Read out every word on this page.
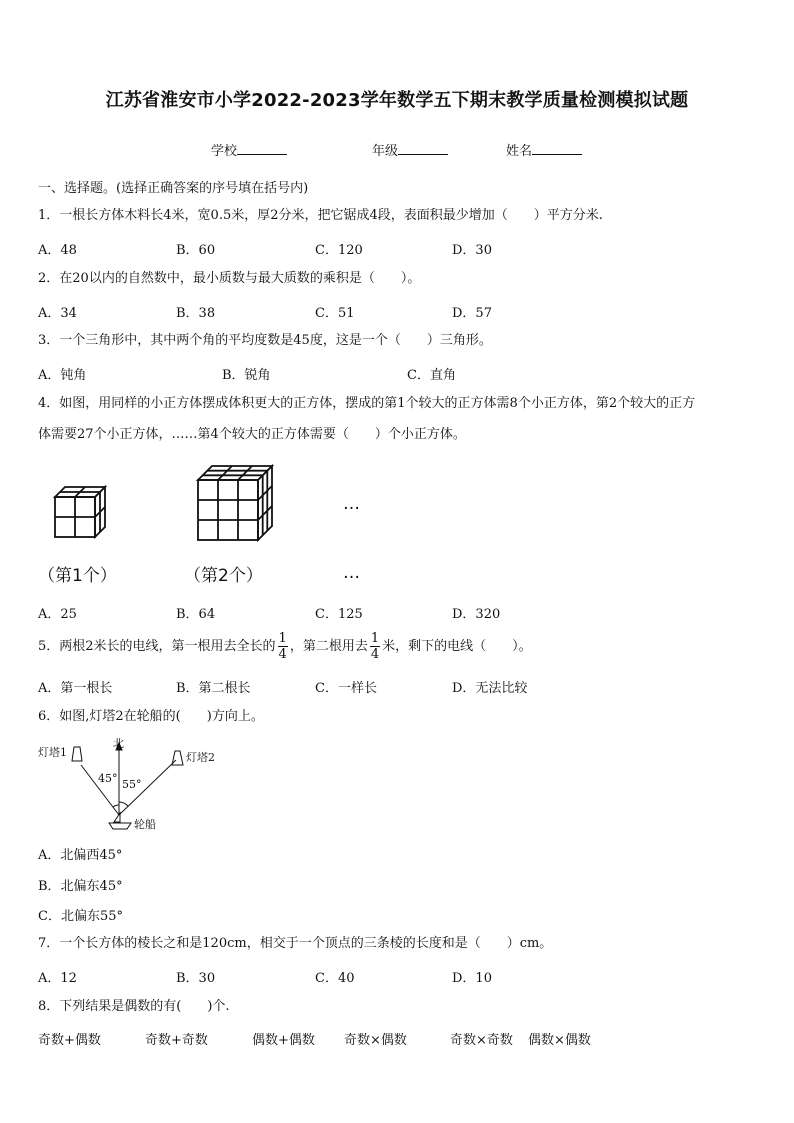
江苏省淮安市小学2022-2023学年数学五下期末教学质量检测模拟试题
学校	年级	姓名
一、选择题。(选择正确答案的序号填在括号内)
1．一根长方体木料长4米，宽0.5米，厚2分米，把它锯成4段，表面积最少增加（　　）平方分米.
A．48	B．60	C．120	D．30
2．在20以内的自然数中，最小质数与最大质数的乘积是（　　）。
A．34	B．38	C．51	D．57
3．一个三角形中，其中两个角的平均度数是45度，这是一个（　　）三角形。
A．钝角	B．锐角	C．直角
4．如图，用同样的小正方体摆成体积更大的正方体，摆成的第1个较大的正方体需8个小正方体，第2个较大的正方
体需要27个小正方体，……第4个较大的正方体需要（　　）个小正方体。
…
（第1个）	（第2个）	…
A．25	B．64	C．125	D．320
5．两根2米长的电线，第一根用去全长的 $\frac{1}{4}$ ，第二根用去 $\frac{1}{4}$ 米，剩下的电线（　　）。
A．第一根长	B．第二根长	C．一样长	D．无法比较
6．如图,灯塔2在轮船的(　　)方向上。
灯塔1	灯塔2
北
45° 55°
轮船
A．北偏西45°
B．北偏东45°
C．北偏东55°
7．一个长方体的棱长之和是120cm，相交于一个顶点的三条棱的长度和是（　　）cm。
A．12	B．30	C．40	D．10
8．下列结果是偶数的有(　　)个.
奇数+偶数	奇数+奇数	偶数+偶数 奇数×偶数	奇数×奇数 偶数×偶数
